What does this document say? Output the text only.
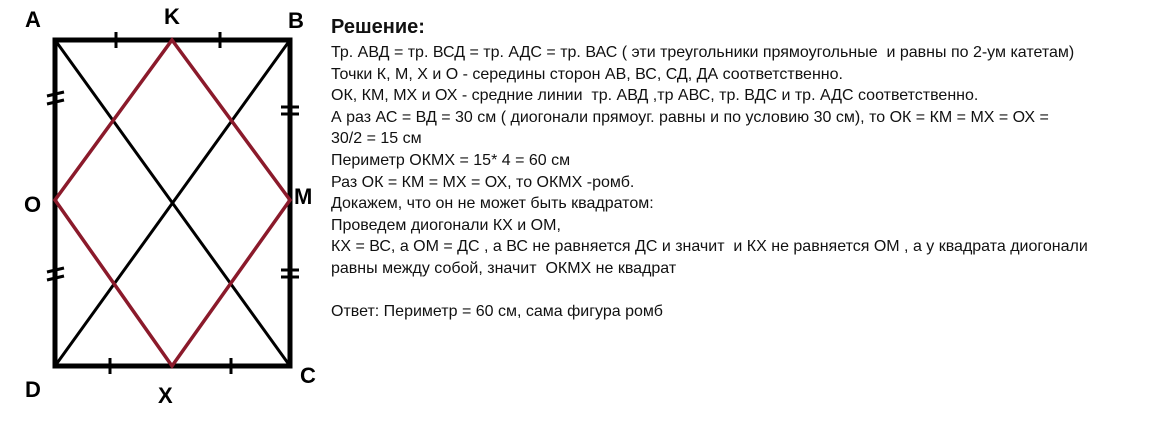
A	K	B
O	M
D	X
C
Решение:
Тр. АВД = тр. ВСД = тр. АДС = тр. ВАС ( эти треугольники прямоугольные  и равны по 2-ум катетам)
Точки К, М, Х и О - середины сторон АВ, ВС, СД, ДА соответственно.
ОК, КМ, МХ и ОХ - средние линии  тр. АВД ,тр АВС, тр. ВДС и тр. АДС соответственно.
А раз АС = ВД = 30 см ( диогонали прямоуг. равны и по условию 30 см), то ОК = КМ = МХ = ОХ =
30/2 = 15 см
Периметр ОКМХ = 15* 4 = 60 см
Раз ОК = КМ = МХ = ОХ, то ОКМХ -ромб.
Докажем, что он не может быть квадратом:
Проведем диогонали КХ и ОМ,
КХ = ВС, а ОМ = ДС , а ВС не равняется ДС и значит  и КХ не равняется ОМ , а у квадрата диогонали
равны между собой, значит  ОКМХ не квадрат
Ответ: Периметр = 60 см, сама фигура ромб
